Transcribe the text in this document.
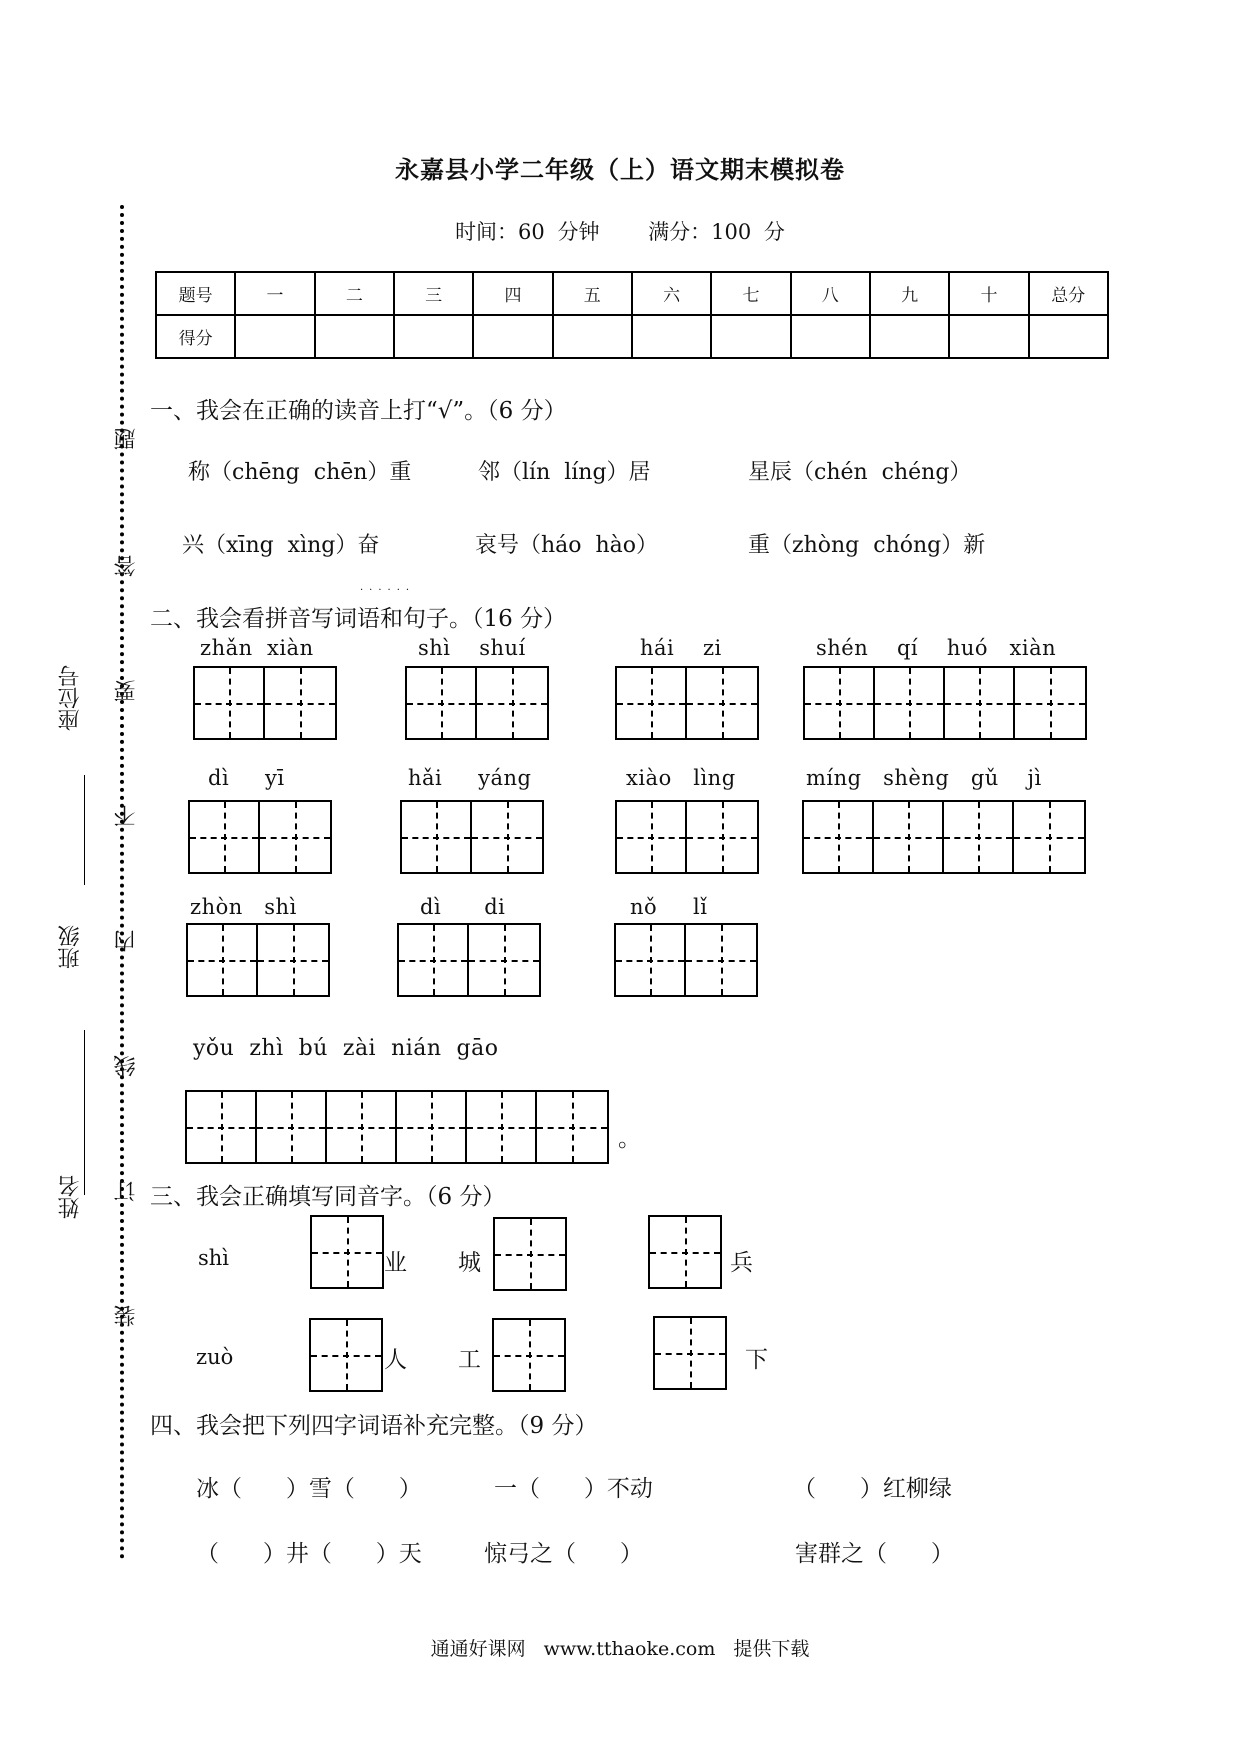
永嘉县小学二年级（上）语文期末模拟卷
时间：60 分钟 满分：100 分
题号	一	二	三	四	五	六	七	八	九	十	总分
得分											
座位号
班级
姓名
题
答
要
不
内
线
订
装
一、我会在正确的读音上打“√”。（6 分）
称（chēng  chēn）重	邻（lín  líng）居	星辰（chén  chéng）
兴（xīng  xìng）奋	哀号（háo  hào）	重（zhòng  chóng）新
······
二、我会看拼音写词语和句子。（16 分）
zhǎn  xiàn	shì    shuí	hái    zi	shén    qí    huó   xiàn
dì     yī	hǎi     yáng	xiào   lìng	míng   shèng   gǔ    jì
zhòn   shì	dì      di	nǒ     lǐ
yǒu  zhì  bú  zài  nián  gāo
。
三、我会正确填写同音字。（6 分）
shì	业 城	兵
zuò	人 工	下
四、我会把下列四字词语补充完整。（9 分）
冰（      ）雪（      ）	一（      ）不动	（      ）红柳绿
（      ）井（      ）天	惊弓之（      ）	害群之（      ）
通通好课网 www.tthaoke.com 提供下载
